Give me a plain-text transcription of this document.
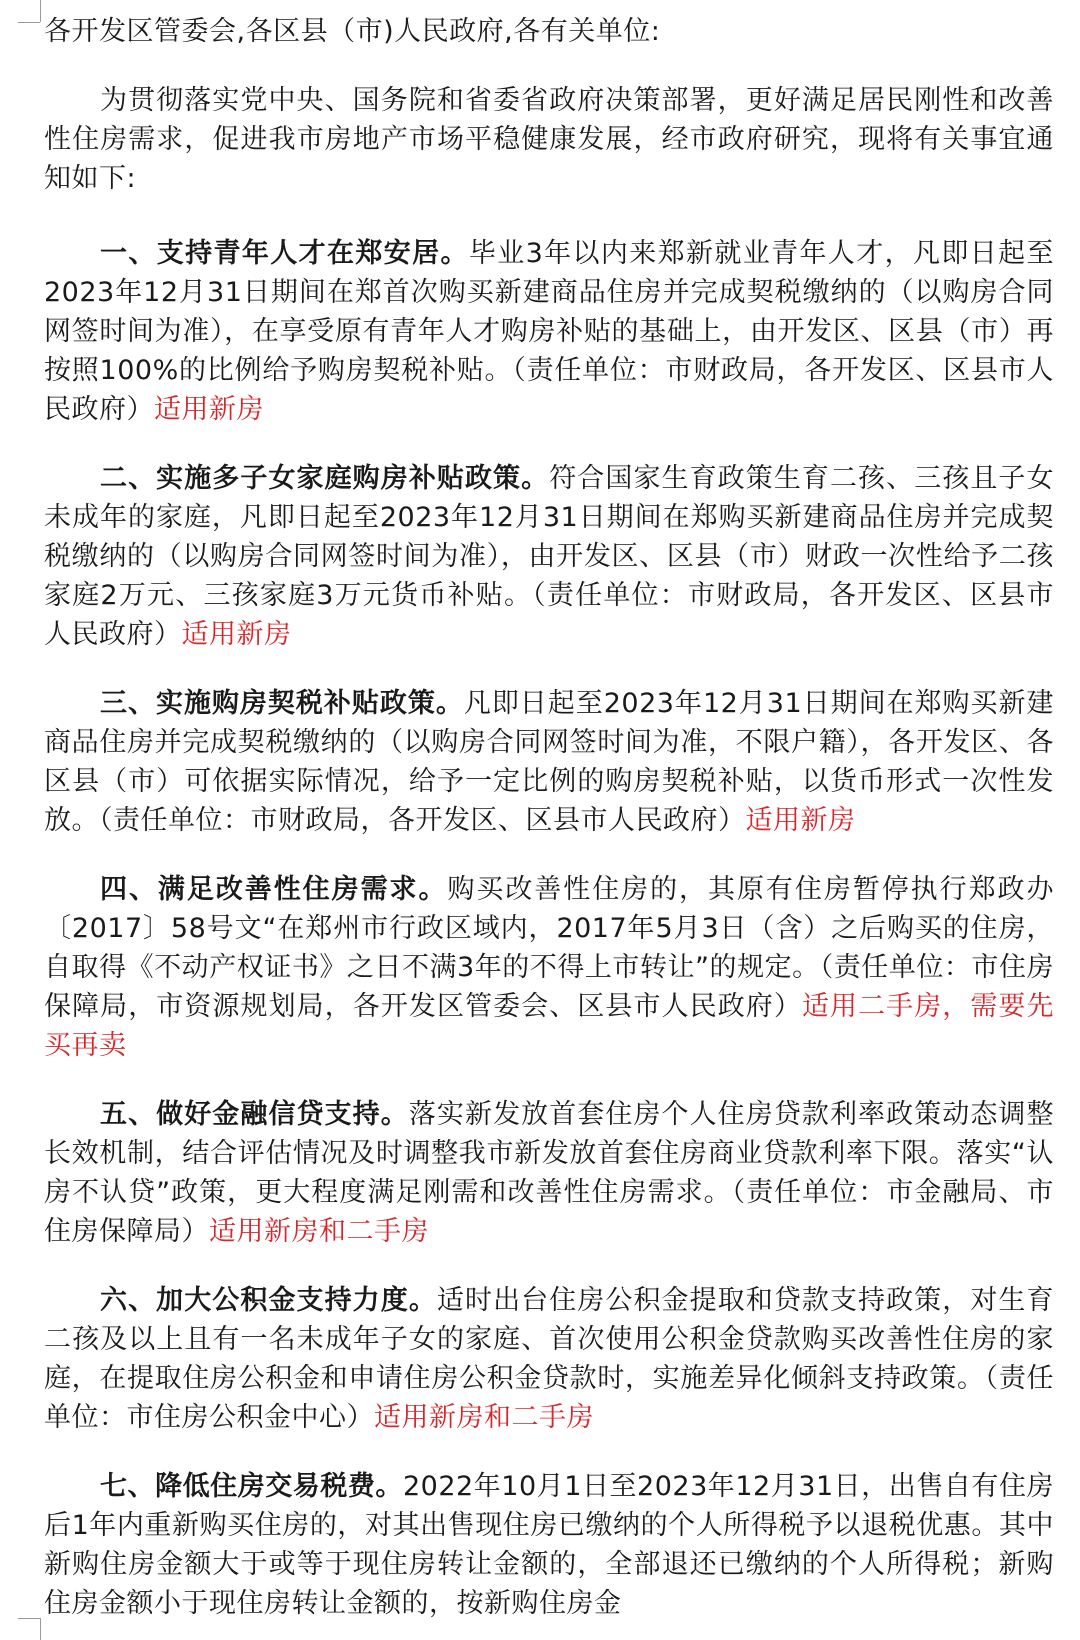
各开发区管委会,各区县（市)人民政府,各有关单位:

为贯彻落实党中央、国务院和省委省政府决策部署，更好满足居民刚性和改善性住房需求，促进我市房地产市场平稳健康发展，经市政府研究，现将有关事宜通知如下:

一、支持青年人才在郑安居。毕业3年以内来郑新就业青年人才，凡即日起至2023年12月31日期间在郑首次购买新建商品住房并完成契税缴纳的（以购房合同网签时间为准），在享受原有青年人才购房补贴的基础上，由开发区、区县（市）再按照100%的比例给予购房契税补贴。（责任单位：市财政局，各开发区、区县市人民政府）适用新房

二、实施多子女家庭购房补贴政策。符合国家生育政策生育二孩、三孩且子女未成年的家庭，凡即日起至2023年12月31日期间在郑购买新建商品住房并完成契税缴纳的（以购房合同网签时间为准），由开发区、区县（市）财政一次性给予二孩家庭2万元、三孩家庭3万元货币补贴。（责任单位：市财政局，各开发区、区县市人民政府）适用新房

三、实施购房契税补贴政策。凡即日起至2023年12月31日期间在郑购买新建商品住房并完成契税缴纳的（以购房合同网签时间为准，不限户籍），各开发区、各区县（市）可依据实际情况，给予一定比例的购房契税补贴，以货币形式一次性发放。（责任单位：市财政局，各开发区、区县市人民政府）适用新房

四、满足改善性住房需求。购买改善性住房的，其原有住房暂停执行郑政办〔2017〕58号文“在郑州市行政区域内，2017年5月3日（含）之后购买的住房，自取得《不动产权证书》之日不满3年的不得上市转让”的规定。（责任单位：市住房保障局，市资源规划局，各开发区管委会、区县市人民政府）适用二手房，需要先买再卖

五、做好金融信贷支持。落实新发放首套住房个人住房贷款利率政策动态调整长效机制，结合评估情况及时调整我市新发放首套住房商业贷款利率下限。落实“认房不认贷”政策，更大程度满足刚需和改善性住房需求。（责任单位：市金融局、市住房保障局）适用新房和二手房

六、加大公积金支持力度。适时出台住房公积金提取和贷款支持政策，对生育二孩及以上且有一名未成年子女的家庭、首次使用公积金贷款购买改善性住房的家庭，在提取住房公积金和申请住房公积金贷款时，实施差异化倾斜支持政策。（责任单位：市住房公积金中心）适用新房和二手房

七、降低住房交易税费。2022年10月1日至2023年12月31日，出售自有住房后1年内重新购买住房的，对其出售现住房已缴纳的个人所得税予以退税优惠。其中新购住房金额大于或等于现住房转让金额的，全部退还已缴纳的个人所得税；新购住房金额小于现住房转让金额的，按新购住房金
